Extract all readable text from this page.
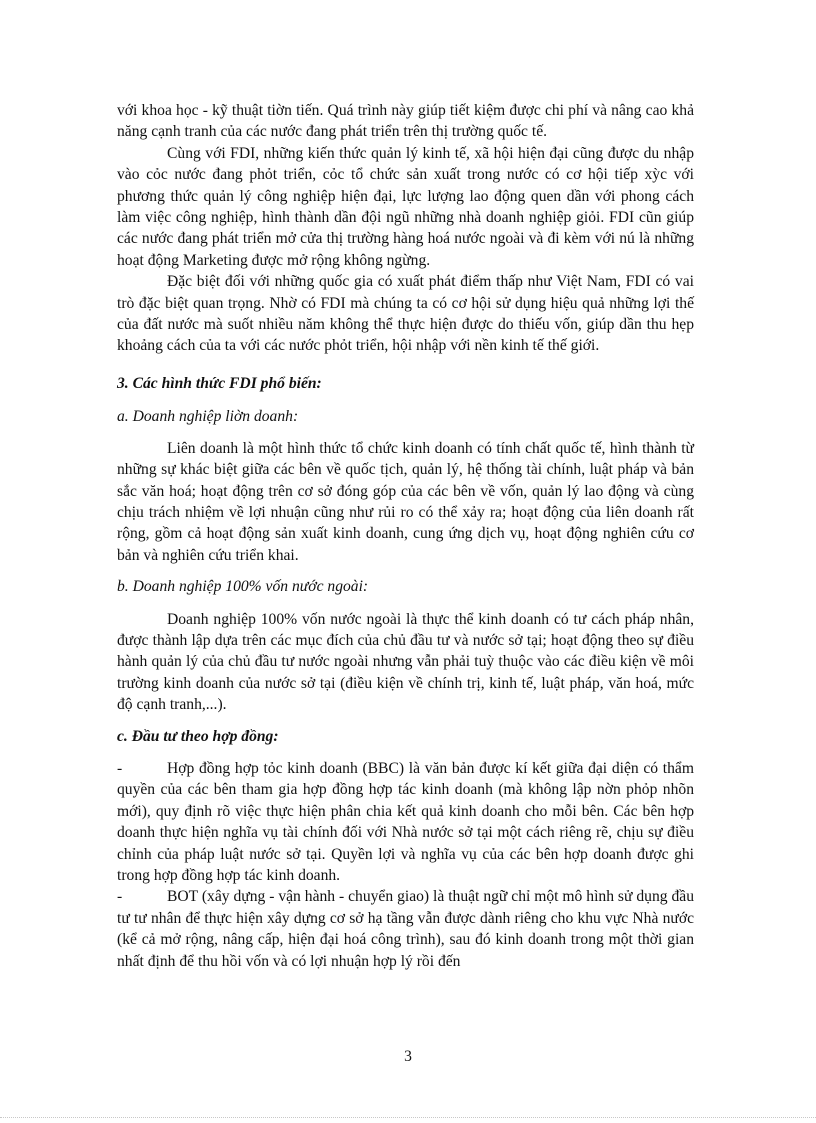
với khoa học - kỹ thuật tiờn tiến. Quá trình này giúp tiết kiệm được chi phí và nâng cao khả năng cạnh tranh của các nước đang phát triển trên thị trường quốc tế.

Cùng với FDI, những kiến thức quản lý kinh tế, xã hội hiện đại cũng được du nhập vào cỏc nước đang phỏt triển, cỏc tổ chức sản xuất trong nước có cơ hội tiếp xỳc với phương thức quản lý công nghiệp hiện đại, lực lượng lao động quen dần với phong cách làm việc công nghiệp, hình thành dần đội ngũ những nhà doanh nghiệp giỏi. FDI cũn giúp các nước đang phát triển mở cửa thị trường hàng hoá nước ngoài và đi kèm với nú là những hoạt động Marketing được mở rộng không ngừng.

Đặc biệt đối với những quốc gia có xuất phát điểm thấp như Việt Nam, FDI có vai trò đặc biệt quan trọng. Nhờ có FDI mà chúng ta có cơ hội sử dụng hiệu quả những lợi thế của đất nước mà suốt nhiều năm không thể thực hiện được do thiếu vốn, giúp dần thu hẹp khoảng cách của ta với các nước phỏt triển, hội nhập với nền kinh tế thế giới.

3. Các hình thức FDI phổ biến:

a. Doanh nghiệp liờn doanh:

Liên doanh là một hình thức tổ chức kinh doanh có tính chất quốc tế, hình thành từ những sự khác biệt giữa các bên về quốc tịch, quản lý, hệ thống tài chính, luật pháp và bản sắc văn hoá; hoạt động trên cơ sở đóng góp của các bên về vốn, quản lý lao động và cùng chịu trách nhiệm về lợi nhuận cũng như rủi ro có thể xảy ra; hoạt động của liên doanh rất rộng, gồm cả hoạt động sản xuất kinh doanh, cung ứng dịch vụ, hoạt động nghiên cứu cơ bản và nghiên cứu triển khai.

b. Doanh nghiệp 100% vốn nước ngoài:

Doanh nghiệp 100% vốn nước ngoài là thực thể kinh doanh có tư cách pháp nhân, được thành lập dựa trên các mục đích của chủ đầu tư và nước sở tại; hoạt động theo sự điều hành quản lý của chủ đầu tư nước ngoài nhưng vẫn phải tuỳ thuộc vào các điều kiện về môi trường kinh doanh của nước sở tại (điều kiện về chính trị, kinh tế, luật pháp, văn hoá, mức độ cạnh tranh,...).

c. Đầu tư theo hợp đồng:

-	Hợp đồng hợp tỏc kinh doanh (BBC) là văn bản được kí kết giữa đại diện có thẩm quyền của các bên tham gia hợp đồng hợp tác kinh doanh (mà không lập nờn phỏp nhõn mới), quy định rõ việc thực hiện phân chia kết quả kinh doanh cho mỗi bên. Các bên hợp doanh thực hiện nghĩa vụ tài chính đối với Nhà nước sở tại một cách riêng rẽ, chịu sự điều chỉnh của pháp luật nước sở tại. Quyền lợi và nghĩa vụ của các bên hợp doanh được ghi trong hợp đồng hợp tác kinh doanh.

-	BOT (xây dựng - vận hành - chuyển giao) là thuật ngữ chỉ một mô hình sử dụng đầu tư tư nhân để thực hiện xây dựng cơ sở hạ tầng vẫn được dành riêng cho khu vực Nhà nước (kể cả mở rộng, nâng cấp, hiện đại hoá công trình), sau đó kinh doanh trong một thời gian nhất định để thu hồi vốn và có lợi nhuận hợp lý rồi đến

3
